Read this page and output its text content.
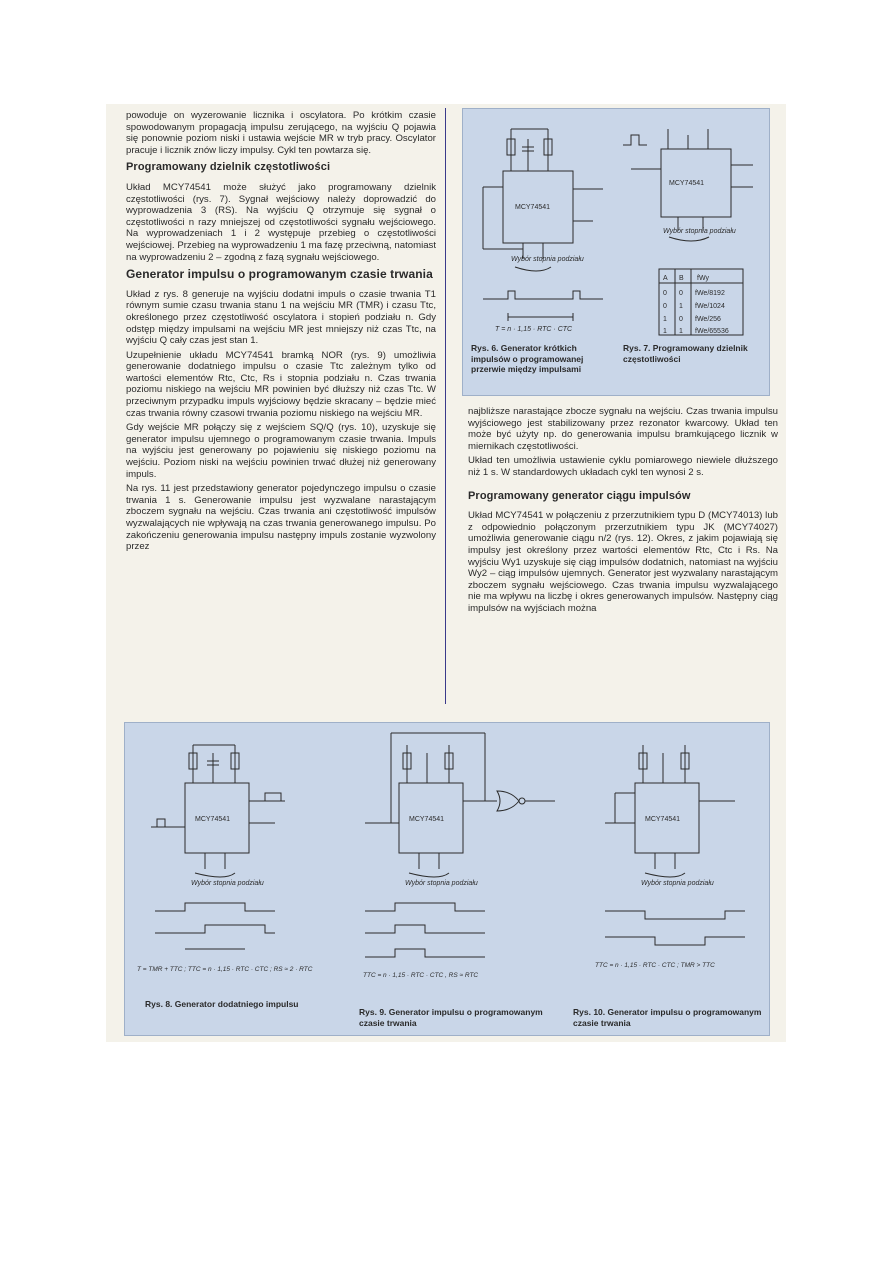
powoduje on wyzerowanie licznika i oscylatora. Po krótkim czasie spowodowanym propagacją impulsu zerującego, na wyjściu Q pojawia się ponownie poziom niski i ustawia wejście MR w tryb pracy. Oscylator pracuje i licznik znów liczy impulsy. Cykl ten powtarza się.

Programowany dzielnik częstotliwości

Układ MCY74541 może służyć jako programowany dzielnik częstotliwości (rys. 7). Sygnał wejściowy należy doprowadzić do wyprowadzenia 3 (RS). Na wyjściu Q otrzymuje się sygnał o częstotliwości n razy mniejszej od częstotliwości sygnału wejściowego. Na wyprowadzeniach 1 i 2 występuje przebieg o częstotliwości wejściowej. Przebieg na wyprowadzeniu 1 ma fazę przeciwną, natomiast na wyprowadzeniu 2 – zgodną z fazą sygnału wejściowego.

Generator impulsu o programowanym czasie trwania

Układ z rys. 8 generuje na wyjściu dodatni impuls o czasie trwania T1 równym sumie czasu trwania stanu 1 na wejściu MR (TMR) i czasu Ttc, określonego przez częstotliwość oscylatora i stopień podziału n. Gdy odstęp między impulsami na wejściu MR jest mniejszy niż czas Ttc, na wyjściu Q cały czas jest stan 1.

Uzupełnienie układu MCY74541 bramką NOR (rys. 9) umożliwia generowanie dodatniego impulsu o czasie Ttc zależnym tylko od wartości elementów Rtc, Ctc, Rs i stopnia podziału n. Czas trwania poziomu niskiego na wejściu MR powinien być dłuższy niż czas Ttc. W przeciwnym przypadku impuls wyjściowy będzie skracany – będzie mieć czas trwania równy czasowi trwania poziomu niskiego na wejściu MR.

Gdy wejście MR połączy się z wejściem SQ/Q (rys. 10), uzyskuje się generator impulsu ujemnego o programowanym czasie trwania. Impuls na wyjściu jest generowany po pojawieniu się niskiego poziomu na wejściu. Poziom niski na wejściu powinien trwać dłużej niż generowany impuls.

Na rys. 11 jest przedstawiony generator pojedynczego impulsu o czasie trwania 1 s. Generowanie impulsu jest wyzwalane narastającym zboczem sygnału na wejściu. Czas trwania ani częstotliwość impulsów wyzwalających nie wpływają na czas trwania generowanego impulsu. Po zakończeniu generowania impulsu następny impuls zostanie wyzwolony przez

MCY74541
MCY74541
Wybór stopnia podziału
Wybór stopnia podziału
T = n · 1,15 · RTC · CTC
A B fWy
0 0 fWe/8192
0 1 fWe/1024
1 0 fWe/256
1 1 fWe/65536
Rys. 6. Generator krótkich impulsów o programowanej przerwie między impulsami
Rys. 7. Programowany dzielnik częstotliwości

najbliższe narastające zbocze sygnału na wejściu. Czas trwania impulsu wyjściowego jest stabilizowany przez rezonator kwarcowy. Układ ten może być użyty np. do generowania impulsu bramkującego licznik w miernikach częstotliwości.

Układ ten umożliwia ustawienie cyklu pomiarowego niewiele dłuższego niż 1 s. W standardowych układach cykl ten wynosi 2 s.

Programowany generator ciągu impulsów

Układ MCY74541 w połączeniu z przerzutnikiem typu D (MCY74013) lub z odpowiednio połączonym przerzutnikiem typu JK (MCY74027) umożliwia generowanie ciągu n/2 (rys. 12). Okres, z jakim pojawiają się impulsy jest określony przez wartości elementów Rtc, Ctc i Rs. Na wyjściu Wy1 uzyskuje się ciąg impulsów dodatnich, natomiast na wyjściu Wy2 – ciąg impulsów ujemnych. Generator jest wyzwalany narastającym zboczem sygnału wejściowego. Czas trwania impulsu wyzwalającego nie ma wpływu na liczbę i okres generowanych impulsów. Następny ciąg impulsów na wyjściach można

MCY74541	MCY74541	MCY74541
Wybór stopnia podziału	Wybór stopnia podziału	Wybór stopnia podziału
T = TMR + TTC ; TTC = n · 1,15 · RTC · CTC ; RS ≈ 2 · RTC
TTC = n · 1,15 · RTC · CTC , RS ≈ RTC
TTC = n · 1,15 · RTC · CTC ; TMR > TTC
Rys. 8. Generator dodatniego impulsu
Rys. 9. Generator impulsu o programowanym czasie trwania
Rys. 10. Generator impulsu o programowanym czasie trwania
